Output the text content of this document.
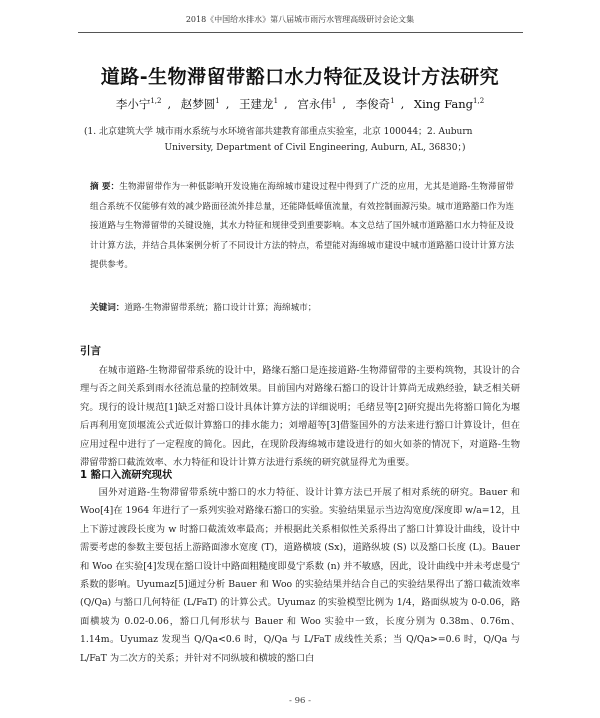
2018《中国给水排水》第八届城市雨污水管理高级研讨会论文集
道路-生物滞留带豁口水力特征及设计方法研究
李小宁$^{1,2}$ , 赵梦圆$^1$ , 王建龙$^1$ , 宫永伟$^1$ , 李俊奇$^1$ , Xing Fang$^{1,2}$
(1. 北京建筑大学 城市雨水系统与水环境省部共建教育部重点实验室，北京 100044；2. Auburn
University, Department of Civil Engineering, Auburn, AL, 36830；)
摘 要：生物滞留带作为一种低影响开发设施在海绵城市建设过程中得到了广泛的应用，尤其是道路-生物滞留带组合系统不仅能够有效的减少路面径流外排总量，还能降低峰值流量，有效控制面源污染。城市道路豁口作为连接道路与生物滞留带的关键设施，其水力特征和规律受到重要影响。本文总结了国外城市道路豁口水力特征及设计计算方法，并结合具体案例分析了不同设计方法的特点，希望能对海绵城市建设中城市道路豁口设计计算方法提供参考。
关键词：道路-生物滞留带系统；豁口设计计算；海绵城市；
引言
在城市道路-生物滞留带系统的设计中，路缘石豁口是连接道路-生物滞留带的主要构筑物，其设计的合理与否之间关系到雨水径流总量的控制效果。目前国内对路缘石豁口的设计计算尚无成熟经验，缺乏相关研究。现行的设计规范[1]缺乏对豁口设计具体计算方法的详细说明；毛绪昱等[2]研究提出先将豁口简化为堰后再利用宽顶堰流公式近似计算豁口的排水能力；刘增超等[3]借鉴国外的方法来进行豁口计算设计，但在应用过程中进行了一定程度的简化。因此，在现阶段海绵城市建设进行的如火如荼的情况下，对道路-生物滞留带豁口截流效率、水力特征和设计计算方法进行系统的研究就显得尤为重要。
1 豁口入流研究现状
国外对道路-生物滞留带系统中豁口的水力特征、设计计算方法已开展了相对系统的研究。Bauer 和 Woo[4]在 1964 年进行了一系列实验对路缘石豁口的实验。实验结果显示当边沟宽度/深度即 w/a=12，且上下游过渡段长度为 w 时豁口截流效率最高；并根据此关系相似性关系得出了豁口计算设计曲线，设计中需要考虑的参数主要包括上游路面渗水宽度 (T)，道路横坡 (Sx)，道路纵坡 (S) 以及豁口长度 (L)。Bauer 和 Woo 在实验[4]发现在豁口设计中路面粗糙度即曼宁系数 (n) 并不敏感，因此，设计曲线中并未考虑曼宁系数的影响。Uyumaz[5]通过分析 Bauer 和 Woo 的实验结果并结合自己的实验结果得出了豁口截流效率 (Q/Qa) 与豁口几何特征 (L/FaT) 的计算公式。Uyumaz 的实验模型比例为 1/4，路面纵坡为 0-0.06，路面横坡为 0.02-0.06，豁口几何形状与 Bauer 和 Woo 实验中一致，长度分别为 0.38m、0.76m、1.14m。Uyumaz 发现当 Q/Qa<0.6 时，Q/Qa 与 L/FaT 成线性关系；当 Q/Qa>=0.6 时，Q/Qa 与 L/FaT 为二次方的关系；并针对不同纵坡和横坡的豁口白
- 96 -
